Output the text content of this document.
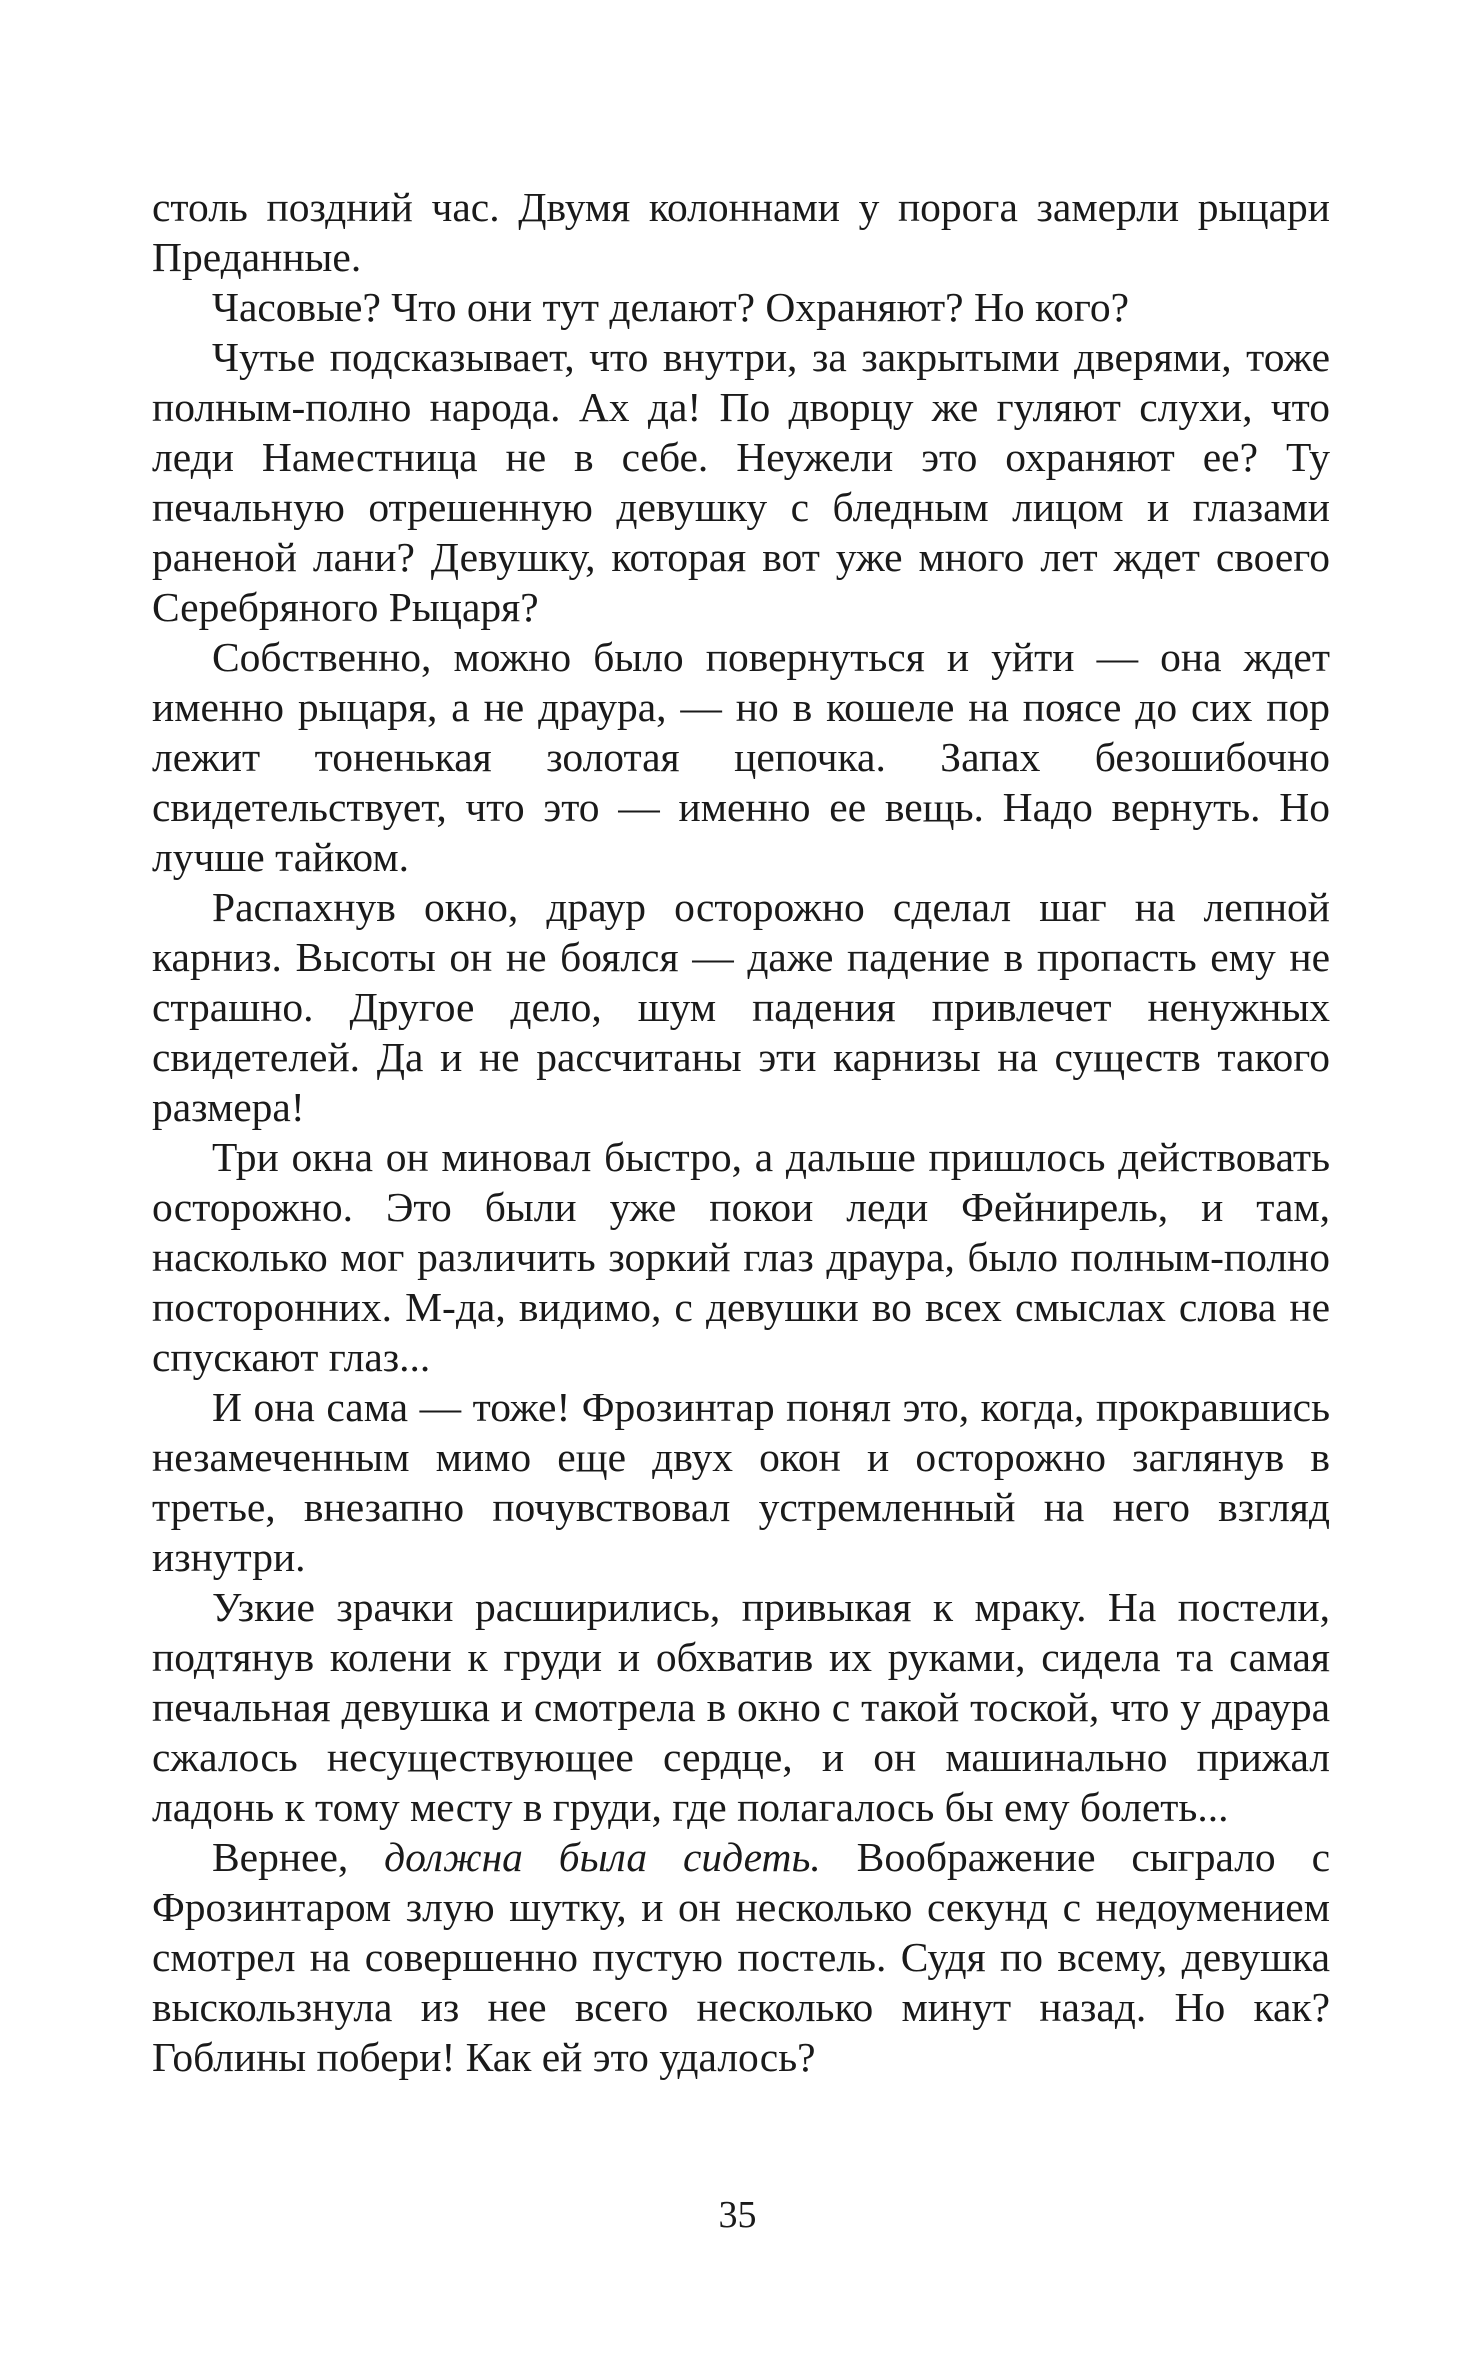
столь поздний час. Двумя колоннами у порога замерли рыцари Преданные.

Часовые? Что они тут делают? Охраняют? Но кого?

Чутье подсказывает, что внутри, за закрытыми дверями, тоже полным-полно народа. Ах да! По дворцу же гуляют слухи, что леди Наместница не в себе. Неужели это охраняют ее? Ту печальную отрешенную девушку с бледным лицом и глазами раненой лани? Девушку, которая вот уже много лет ждет своего Серебряного Рыцаря?

Собственно, можно было повернуться и уйти — она ждет именно рыцаря, а не драура, — но в кошеле на поясе до сих пор лежит тоненькая золотая цепочка. Запах безошибочно свидетельствует, что это — именно ее вещь. Надо вернуть. Но лучше тайком.

Распахнув окно, драур осторожно сделал шаг на лепной карниз. Высоты он не боялся — даже падение в пропасть ему не страшно. Другое дело, шум падения привлечет ненужных свидетелей. Да и не рассчитаны эти карнизы на существ такого размера!

Три окна он миновал быстро, а дальше пришлось действовать осторожно. Это были уже покои леди Фейнирель, и там, насколько мог различить зоркий глаз драура, было полным-полно посторонних. М-да, видимо, с девушки во всех смыслах слова не спускают глаз...

И она сама — тоже! Фрозинтар понял это, когда, прокравшись незамеченным мимо еще двух окон и осторожно заглянув в третье, внезапно почувствовал устремленный на него взгляд изнутри.

Узкие зрачки расширились, привыкая к мраку. На постели, подтянув колени к груди и обхватив их руками, сидела та самая печальная девушка и смотрела в окно с такой тоской, что у драура сжалось несуществующее сердце, и он машинально прижал ладонь к тому месту в груди, где полагалось бы ему болеть...

Вернее, должна была сидеть. Воображение сыграло с Фрозинтаром злую шутку, и он несколько секунд с недоумением смотрел на совершенно пустую постель. Судя по всему, девушка выскользнула из нее всего несколько минут назад. Но как? Гоблины побери! Как ей это удалось?

35
